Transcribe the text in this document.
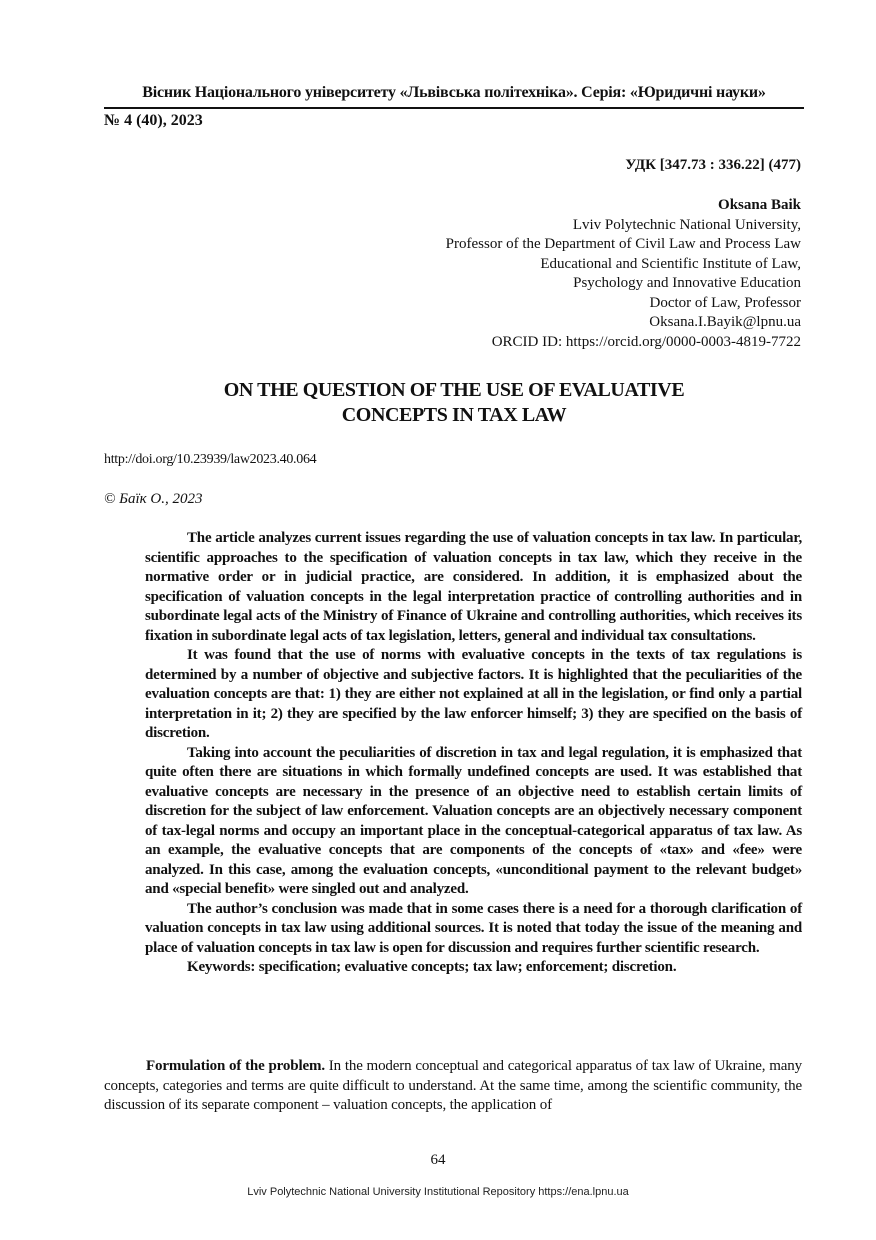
Вісник Національного університету «Львівська політехніка». Серія: «Юридичні науки»
№ 4 (40), 2023
УДК [347.73 : 336.22] (477)
Oksana Baik
Lviv Polytechnic National University,
Professor of the Department of Civil Law and Process Law
Educational and Scientific Institute of Law,
Psychology and Innovative Education
Doctor of Law, Professor
Oksana.I.Bayik@lpnu.ua
ORCID ID: https://orcid.org/0000-0003-4819-7722
ON THE QUESTION OF THE USE OF EVALUATIVE
CONCEPTS IN TAX LAW
http://doi.org/10.23939/law2023.40.064
© Баїк О., 2023

The article analyzes current issues regarding the use of valuation concepts in tax law. In particular, scientific approaches to the specification of valuation concepts in tax law, which they receive in the normative order or in judicial practice, are considered. In addition, it is emphasized about the specification of valuation concepts in the legal interpretation practice of controlling authorities and in subordinate legal acts of the Ministry of Finance of Ukraine and controlling authorities, which receives its fixation in subordinate legal acts of tax legislation, letters, general and individual tax consultations.

It was found that the use of norms with evaluative concepts in the texts of tax regulations is determined by a number of objective and subjective factors. It is highlighted that the peculiarities of the evaluation concepts are that: 1) they are either not explained at all in the legislation, or find only a partial interpretation in it; 2) they are specified by the law enforcer himself; 3) they are specified on the basis of discretion.

Taking into account the peculiarities of discretion in tax and legal regulation, it is emphasized that quite often there are situations in which formally undefined concepts are used. It was established that evaluative concepts are necessary in the presence of an objective need to establish certain limits of discretion for the subject of law enforcement. Valuation concepts are an objectively necessary component of tax-legal norms and occupy an important place in the conceptual-categorical apparatus of tax law. As an example, the evaluative concepts that are components of the concepts of «tax» and «fee» were analyzed. In this case, among the evaluation concepts, «unconditional payment to the relevant budget» and «special benefit» were singled out and analyzed.

The author’s conclusion was made that in some cases there is a need for a thorough clarification of valuation concepts in tax law using additional sources. It is noted that today the issue of the meaning and place of valuation concepts in tax law is open for discussion and requires further scientific research.

Keywords: specification; evaluative concepts; tax law; enforcement; discretion.

Formulation of the problem. In the modern conceptual and categorical apparatus of tax law of Ukraine, many concepts, categories and terms are quite difficult to understand. At the same time, among the scientific community, the discussion of its separate component – valuation concepts, the application of

64
Lviv Polytechnic National University Institutional Repository https://ena.lpnu.ua
